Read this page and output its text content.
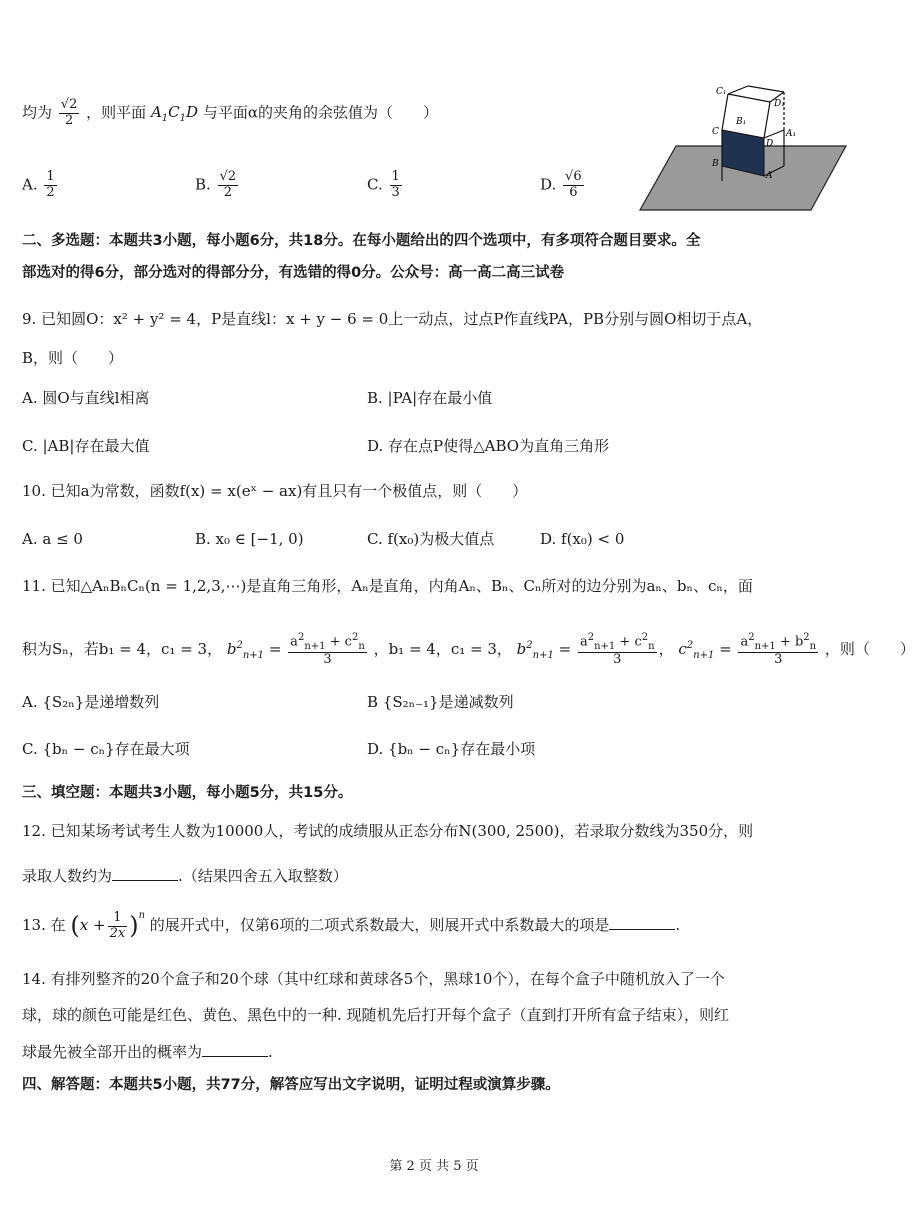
均为 $\frac{√2}{2}$ ，则平面 $A_1C_1D$ 与平面α的夹角的余弦值为（　　）
A. $\frac{1}{2}$	B. $\frac{√2}{2}$	C. $\frac{1}{3}$	D. $\frac{√6}{6}$
C₁
D₁
B₁
A₁
C
D
B
A
二、多选题：本题共3小题，每小题6分，共18分。在每小题给出的四个选项中，有多项符合题目要求。全
部选对的得6分，部分选对的得部分分，有选错的得0分。公众号：高一高二高三试卷
9. 已知圆O：x² + y² = 4，P是直线l：x + y − 6 = 0上一动点，过点P作直线PA，PB分别与圆O相切于点A，
B，则（　　）
A. 圆O与直线l相离	B. |PA|存在最小值
C. |AB|存在最大值	D. 存在点P使得△ABO为直角三角形
10. 已知a为常数，函数f(x) = x(eˣ − ax)有且只有一个极值点，则（　　）
A. a ≤ 0	B. x₀ ∈ [−1, 0)	C. f(x₀)为极大值点	D. f(x₀) < 0
11. 已知△AₙBₙCₙ(n = 1,2,3,⋯)是直角三角形，Aₙ是直角，内角Aₙ、Bₙ、Cₙ所对的边分别为aₙ、bₙ、cₙ，面
积为Sₙ，若b₁ = 4，c₁ = 3， $b^2_{n+1} = \frac{a^2_{n+1} + c^2_n}{3}$ ，b₁ = 4，c₁ = 3， $b^2_{n+1} = \frac{a^2_{n+1} + c^2_n}{3}$ ， $c^2_{n+1} = \frac{a^2_{n+1} + b^2_n}{3}$ ，则（　　）
A. {S₂ₙ}是递增数列	B {S₂ₙ₋₁}是递减数列
C. {bₙ − cₙ}存在最大项	D. {bₙ − cₙ}存在最小项
三、填空题：本题共3小题，每小题5分，共15分。
12. 已知某场考试考生人数为10000人，考试的成绩服从正态分布N(300, 2500)，若录取分数线为350分，则
录取人数约为	.（结果四舍五入取整数）
13. 在 $(x + \frac{1}{2x} )^n$ 的展开式中，仅第6项的二项式系数最大，则展开式中系数最大的项是	.
14. 有排列整齐的20个盒子和20个球（其中红球和黄球各5个，黑球10个），在每个盒子中随机放入了一个
球，球的颜色可能是红色、黄色、黑色中的一种. 现随机先后打开每个盒子（直到打开所有盒子结束），则红
球最先被全部开出的概率为	.
四、解答题：本题共5小题，共77分，解答应写出文字说明，证明过程或演算步骤。
第 2 页 共 5 页
